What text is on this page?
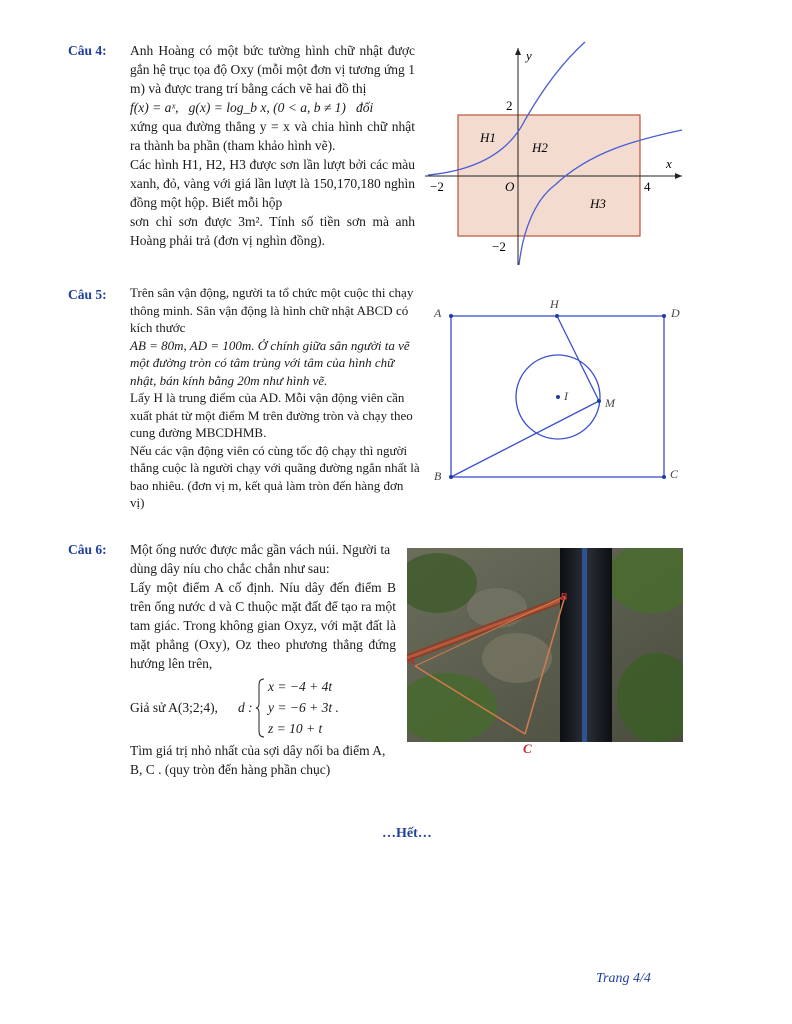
Câu 4: Anh Hoàng có một bức tường hình chữ nhật được gắn hệ trục tọa độ Oxy (mỗi một đơn vị tương ứng 1 m) và được trang trí bằng cách vẽ hai đồ thị

f(x) = aˣ,   g(x) = log_b x, (0 < a, b ≠ 1)   đối

xứng qua đường thẳng y = x và chia hình chữ nhật ra thành ba phần (tham khảo hình vẽ).

Các hình H1, H2, H3 được sơn lần lượt bởi các màu xanh, đỏ, vàng với giá lần lượt là 150,170,180 nghìn đồng một hộp. Biết mỗi hộp

sơn chỉ sơn được 3m². Tính số tiền sơn mà anh Hoàng phải trả (đơn vị nghìn đồng).

y
x
O
−2	4
2
−2
H1
H2
H3
Câu 5: Trên sân vận động, người ta tổ chức một cuộc thi chạy thông minh. Sân vận động là hình chữ nhật ABCD có kích thước

AB = 80m, AD = 100m. Ở chính giữa sân người ta vẽ một đường tròn có tâm trùng với tâm của hình chữ nhật, bán kính bằng 20m như hình vẽ.

Lấy H là trung điểm của AD. Mỗi vận động viên cần xuất phát từ một điểm M trên đường tròn và chạy theo cung đường MBCDHMB.

Nếu các vận động viên có cùng tốc độ chạy thì người thắng cuộc là người chạy với quãng đường ngắn nhất là bao nhiêu. (đơn vị m, kết quả làm tròn đến hàng đơn vị)

A	D
B	C
H
I	M
Câu 6: Một ống nước được mắc gần vách núi. Người ta dùng dây níu cho chắc chắn như sau:

Lấy một điểm A cố định. Níu dây đến điểm B trên ống nước d và C thuộc mặt đất để tạo ra một tam giác. Trong không gian Oxyz, với mặt đất là mặt phẳng (Oxy), Oz theo phương thẳng đứng hướng lên trên,

Giả sử A(3;2;4), d :
x = −4 + 4t
y = −6 + 3t .
z = 10 + t

Tìm giá trị nhỏ nhất của sợi dây nối ba điểm A, B, C . (quy tròn đến hàng phần chục)

A
B
C
…Hết…
Trang 4/4
